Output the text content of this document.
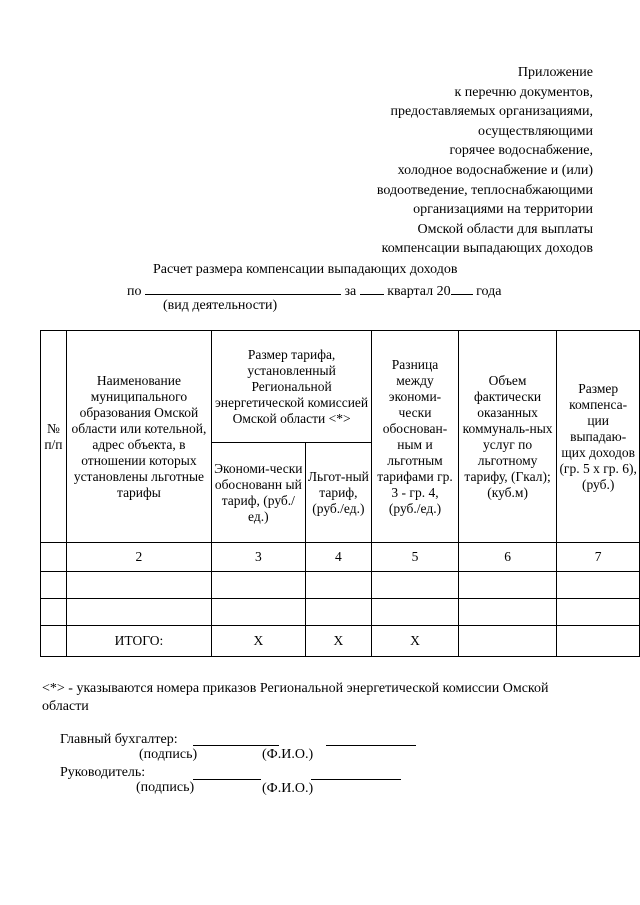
Приложение
к перечню документов,
предоставляемых организациями,
осуществляющими
горячее водоснабжение,
холодное водоснабжение и (или)
водоотведение, теплоснабжающими
организациями на территории
Омской области для выплаты
компенсации выпадающих доходов
Расчет размера компенсации выпадающих доходов
по	за квартал 20 года
(вид деятельности)
№ п/п	Наименование муниципального образования Омской области или котельной, адрес объекта, в отношении которых установлены льготные тарифы	Размер тарифа, установленный Региональной энергетической комиссией Омской области <*>		Разница между экономи-чески обоснован-ным и льготным тарифами гр. 3 - гр. 4, (руб./ед.)	Объем фактически оказанных коммуналь-ных услуг по льготному тарифу, (Гкал); (куб.м)	Размер компенса-ции выпадаю-щих доходов (гр. 5 х гр. 6), (руб.)
		Экономи-чески обоснованн ый тариф, (руб./ед.)	Льгот-ный тариф, (руб./ед.)			
	2	3	4	5	6	7

	ИТОГО:	Х	Х	Х		
<*> - указываются номера приказов Региональной энергетической комиссии Омской области
Главный бухгалтер:
(подпись)	(Ф.И.О.)
Руководитель:
(подпись)	(Ф.И.О.)
